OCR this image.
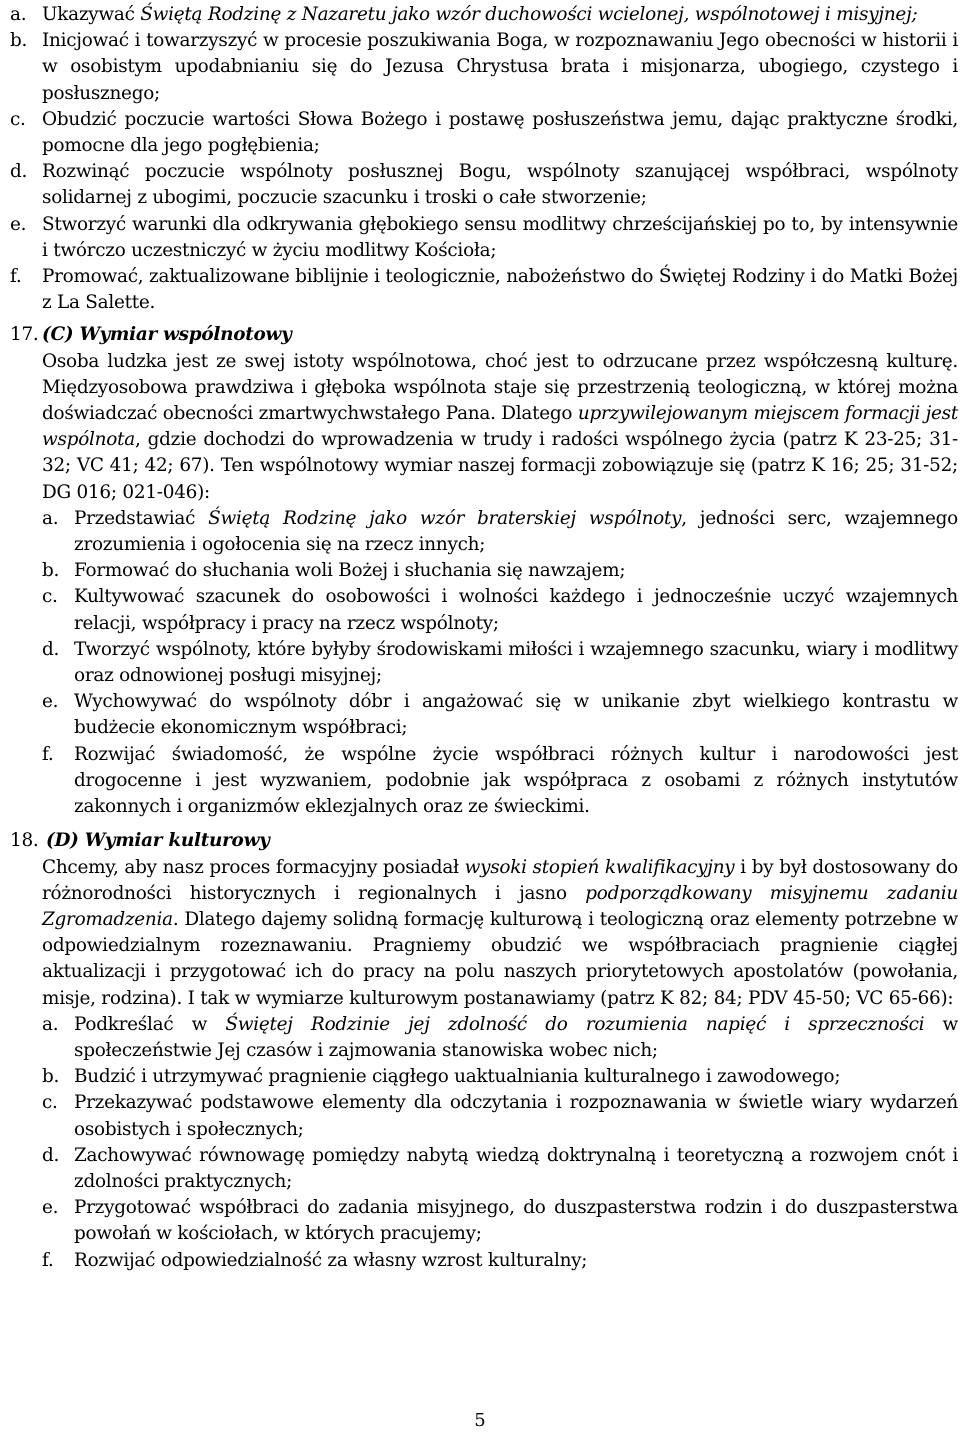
a. Ukazywać Świętą Rodzinę z Nazaretu jako wzór duchowości wcielonej, wspólnotowej i misyjnej;
b. Inicjować i towarzyszyć w procesie poszukiwania Boga, w rozpoznawaniu Jego obecności w historii i w osobistym upodabnianiu się do Jezusa Chrystusa brata i misjonarza, ubogiego, czystego i posłusznego;
c. Obudzić poczucie wartości Słowa Bożego i postawę posłuszeństwa jemu, dając praktyczne środki, pomocne dla jego pogłębienia;
d. Rozwinąć poczucie wspólnoty posłusznej Bogu, wspólnoty szanującej współbraci, wspólnoty solidarnej z ubogimi, poczucie szacunku i troski o całe stworzenie;
e. Stworzyć warunki dla odkrywania głębokiego sensu modlitwy chrześcijańskiej po to, by intensywnie i twórczo uczestniczyć w życiu modlitwy Kościoła;
f. Promować, zaktualizowane biblijnie i teologicznie, nabożeństwo do Świętej Rodziny i do Matki Bożej z La Salette.
17. (C) Wymiar wspólnotowy

Osoba ludzka jest ze swej istoty wspólnotowa, choć jest to odrzucane przez współczesną kulturę. Międzyosobowa prawdziwa i głęboka wspólnota staje się przestrzenią teologiczną, w której można doświadczać obecności zmartwychwstałego Pana. Dlatego uprzywilejowanym miejscem formacji jest wspólnota, gdzie dochodzi do wprowadzenia w trudy i radości wspólnego życia (patrz K 23-25; 31-32; VC 41; 42; 67). Ten wspólnotowy wymiar naszej formacji zobowiązuje się (patrz K 16; 25; 31-52; DG 016; 021-046):

a. Przedstawiać Świętą Rodzinę jako wzór braterskiej wspólnoty, jedności serc, wzajemnego zrozumienia i ogołocenia się na rzecz innych;
b. Formować do słuchania woli Bożej i słuchania się nawzajem;
c. Kultywować szacunek do osobowości i wolności każdego i jednocześnie uczyć wzajemnych relacji, współpracy i pracy na rzecz wspólnoty;
d. Tworzyć wspólnoty, które byłyby środowiskami miłości i wzajemnego szacunku, wiary i modlitwy oraz odnowionej posługi misyjnej;
e. Wychowywać do wspólnoty dóbr i angażować się w unikanie zbyt wielkiego kontrastu w budżecie ekonomicznym współbraci;
f. Rozwijać świadomość, że wspólne życie współbraci różnych kultur i narodowości jest drogocenne i jest wyzwaniem, podobnie jak współpraca z osobami z różnych instytutów zakonnych i organizmów eklezjalnych oraz ze świeckimi.
18. (D) Wymiar kulturowy

Chcemy, aby nasz proces formacyjny posiadał wysoki stopień kwalifikacyjny i by był dostosowany do różnorodności historycznych i regionalnych i jasno podporządkowany misyjnemu zadaniu Zgromadzenia. Dlatego dajemy solidną formację kulturową i teologiczną oraz elementy potrzebne w odpowiedzialnym rozeznawaniu. Pragniemy obudzić we współbraciach pragnienie ciągłej aktualizacji i przygotować ich do pracy na polu naszych priorytetowych apostolatów (powołania, misje, rodzina). I tak w wymiarze kulturowym postanawiamy (patrz K 82; 84; PDV 45-50; VC 65-66):

a. Podkreślać w Świętej Rodzinie jej zdolność do rozumienia napięć i sprzeczności w społeczeństwie Jej czasów i zajmowania stanowiska wobec nich;
b. Budzić i utrzymywać pragnienie ciągłego uaktualniania kulturalnego i zawodowego;
c. Przekazywać podstawowe elementy dla odczytania i rozpoznawania w świetle wiary wydarzeń osobistych i społecznych;
d. Zachowywać równowagę pomiędzy nabytą wiedzą doktrynalną i teoretyczną a rozwojem cnót i zdolności praktycznych;
e. Przygotować współbraci do zadania misyjnego, do duszpasterstwa rodzin i do duszpasterstwa powołań w kościołach, w których pracujemy;
f. Rozwijać odpowiedzialność za własny wzrost kulturalny;
5
